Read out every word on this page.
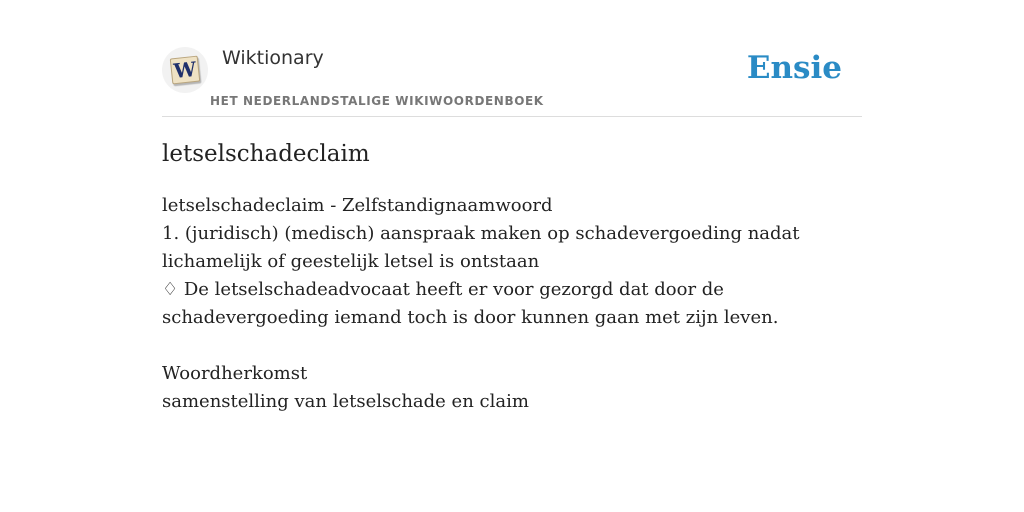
W Wiktionary
HET NEDERLANDSTALIGE WIKIWOORDENBOEK
Ensie
letselschadeclaim
letselschadeclaim - Zelfstandignaamwoord
1. (juridisch) (medisch) aanspraak maken op schadevergoeding nadat lichamelijk of geestelijk letsel is ontstaan
♢ De letselschadeadvocaat heeft er voor gezorgd dat door de schadevergoeding iemand toch is door kunnen gaan met zijn leven.
Woordherkomst
samenstelling van letselschade en claim
